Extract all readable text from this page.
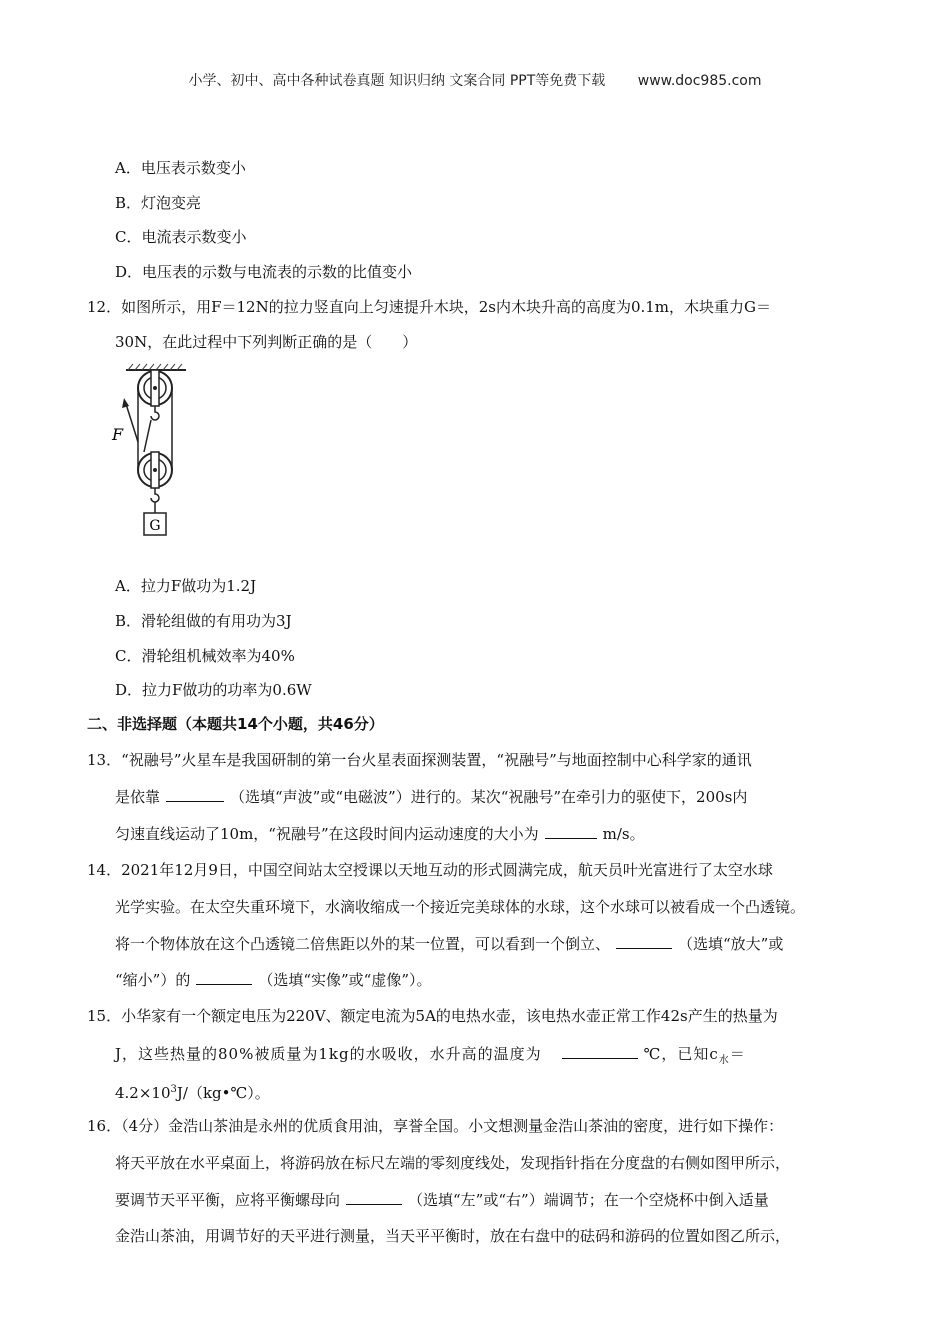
小学、初中、高中各种试卷真题 知识归纳 文案合同 PPT等免费下载 www.doc985.com
A．电压表示数变小
B．灯泡变亮
C．电流表示数变小
D．电压表的示数与电流表的示数的比值变小
12．如图所示，用F＝12N的拉力竖直向上匀速提升木块，2s内木块升高的高度为0.1m，木块重力G＝
30N，在此过程中下列判断正确的是（　　）
F
G
A．拉力F做功为1.2J
B．滑轮组做的有用功为3J
C．滑轮组机械效率为40%
D．拉力F做功的功率为0.6W
二、非选择题（本题共14个小题，共46分）
13．“祝融号”火星车是我国研制的第一台火星表面探测装置，“祝融号”与地面控制中心科学家的通讯
是依靠	（选填“声波”或“电磁波”）进行的。某次“祝融号”在牵引力的驱使下，200s内
匀速直线运动了10m，“祝融号”在这段时间内运动速度的大小为	m/s。
14．2021年12月9日，中国空间站太空授课以天地互动的形式圆满完成，航天员叶光富进行了太空水球
光学实验。在太空失重环境下，水滴收缩成一个接近完美球体的水球，这个水球可以被看成一个凸透镜。
将一个物体放在这个凸透镜二倍焦距以外的某一位置，可以看到一个倒立、	（选填“放大”或
“缩小”）的	（选填“实像”或“虚像”）。
15．小华家有一个额定电压为220V、额定电流为5A的电热水壶，该电热水壶正常工作42s产生的热量为
J，这些热量的80%被质量为1kg的水吸收，水升高的温度为	℃，已知$c_水=$
$4.2\times 10^3J/(kg•℃)$。
16．（4分）金浩山茶油是永州的优质食用油，享誉全国。小文想测量金浩山茶油的密度，进行如下操作：
将天平放在水平桌面上，将游码放在标尺左端的零刻度线处，发现指针指在分度盘的右侧如图甲所示，
要调节天平平衡，应将平衡螺母向	（选填“左”或“右”）端调节；在一个空烧杯中倒入适量
金浩山茶油，用调节好的天平进行测量，当天平平衡时，放在右盘中的砝码和游码的位置如图乙所示，
